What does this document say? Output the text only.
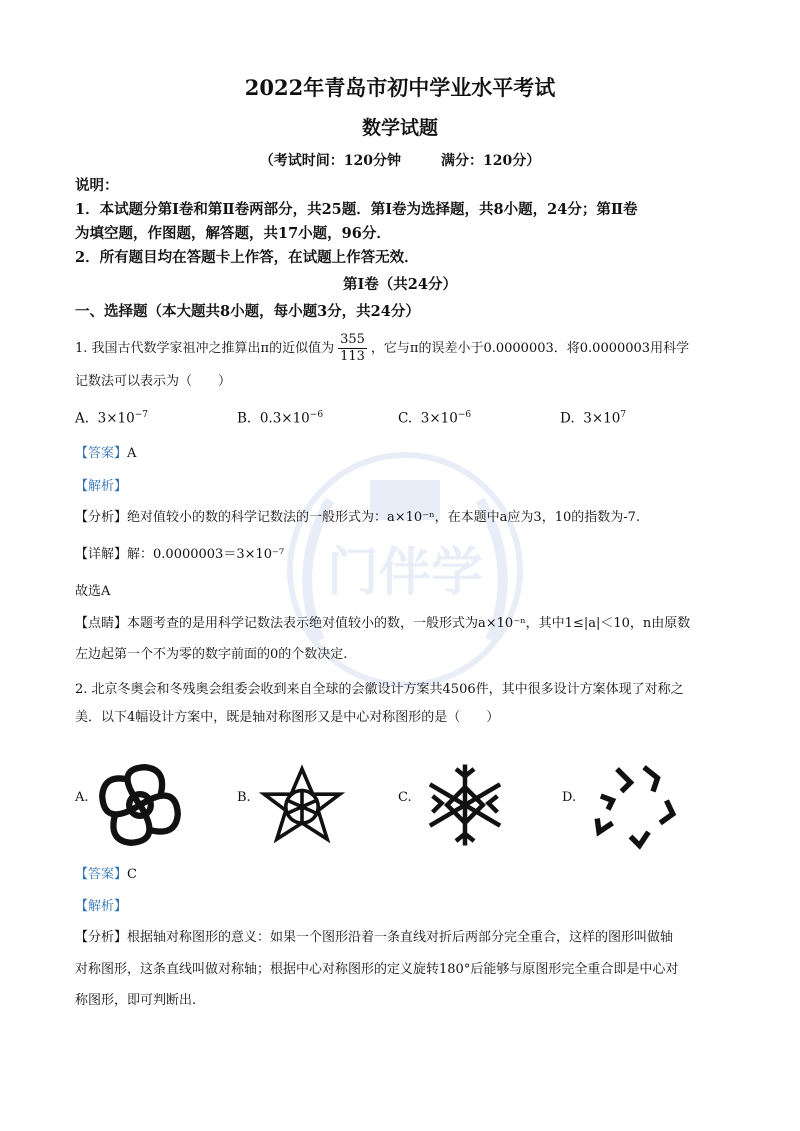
门伴学
2022年青岛市初中学业水平考试
数学试题
（考试时间：120分钟	满分：120分）
说明：
1．本试题分第Ⅰ卷和第Ⅱ卷两部分，共25题．第Ⅰ卷为选择题，共8小题，24分；第Ⅱ卷
为填空题，作图题，解答题，共17小题，96分．
2．所有题目均在答题卡上作答，在试题上作答无效．
第Ⅰ卷（共24分）
一、选择题（本大题共8小题，每小题3分，共24分）
1. 我国古代数学家祖冲之推算出π的近似值为 $\frac{355}{113}$ ，它与π的误差小于0.0000003．将0.0000003用科学
记数法可以表示为（　　）
A. $3\times 10^{-7}$	B. $0.3\times 10^{-6}$	C. $3\times 10^{-6}$	D. $3\times 10^7$
【答案】A
【解析】
【分析】绝对值较小的数的科学记数法的一般形式为：a×10⁻ⁿ，在本题中a应为3，10的指数为-7.
【详解】解：0.0000003＝3×10⁻⁷
故选A
【点睛】本题考查的是用科学记数法表示绝对值较小的数，一般形式为a×10⁻ⁿ，其中1≤|a|＜10，n由原数
左边起第一个不为零的数字前面的0的个数决定.
2. 北京冬奥会和冬残奥会组委会收到来自全球的会徽设计方案共4506件，其中很多设计方案体现了对称之
美．以下4幅设计方案中，既是轴对称图形又是中心对称图形的是（　　）
A.	B.	C.	D.
【答案】C
【解析】
【分析】根据轴对称图形的意义：如果一个图形沿着一条直线对折后两部分完全重合，这样的图形叫做轴
对称图形，这条直线叫做对称轴；根据中心对称图形的定义旋转180°后能够与原图形完全重合即是中心对
称图形，即可判断出.
